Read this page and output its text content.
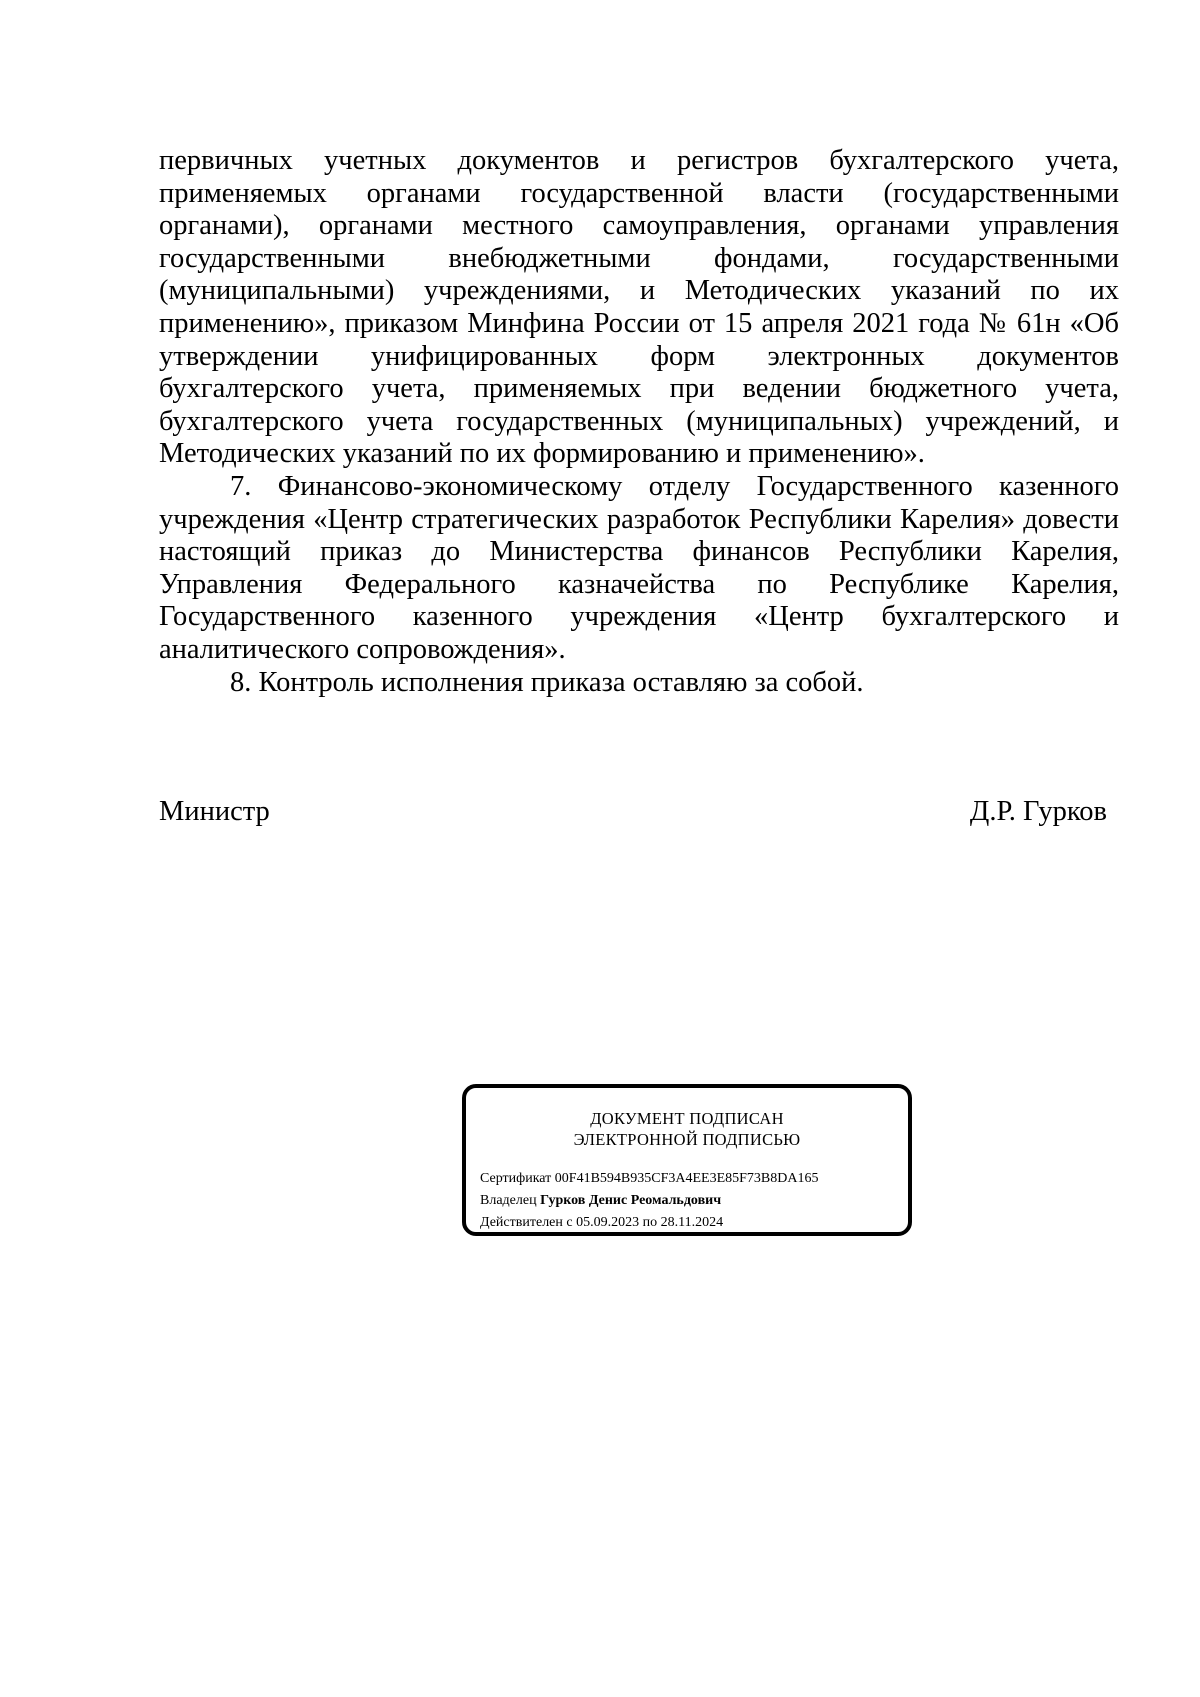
первичных учетных документов и регистров бухгалтерского учета, применяемых органами государственной власти (государственными органами), органами местного самоуправления, органами управления государственными внебюджетными фондами, государственными (муниципальными) учреждениями, и Методических указаний по их применению», приказом Минфина России от 15 апреля 2021 года № 61н «Об утверждении унифицированных форм электронных документов бухгалтерского учета, применяемых при ведении бюджетного учета, бухгалтерского учета государственных (муниципальных) учреждений, и Методических указаний по их формированию и применению».

7. Финансово-экономическому отделу Государственного казенного учреждения «Центр стратегических разработок Республики Карелия» довести настоящий приказ до Министерства финансов Республики Карелия, Управления Федерального казначейства по Республике Карелия, Государственного казенного учреждения «Центр бухгалтерского и аналитического сопровождения».

8. Контроль исполнения приказа оставляю за собой.

Министр	Д.Р. Гурков
ДОКУМЕНТ ПОДПИСАН
ЭЛЕКТРОННОЙ ПОДПИСЬЮ
Сертификат 00F41B594B935CF3A4EE3E85F73B8DA165
Владелец Гурков Денис Реомальдович
Действителен с 05.09.2023 по 28.11.2024
